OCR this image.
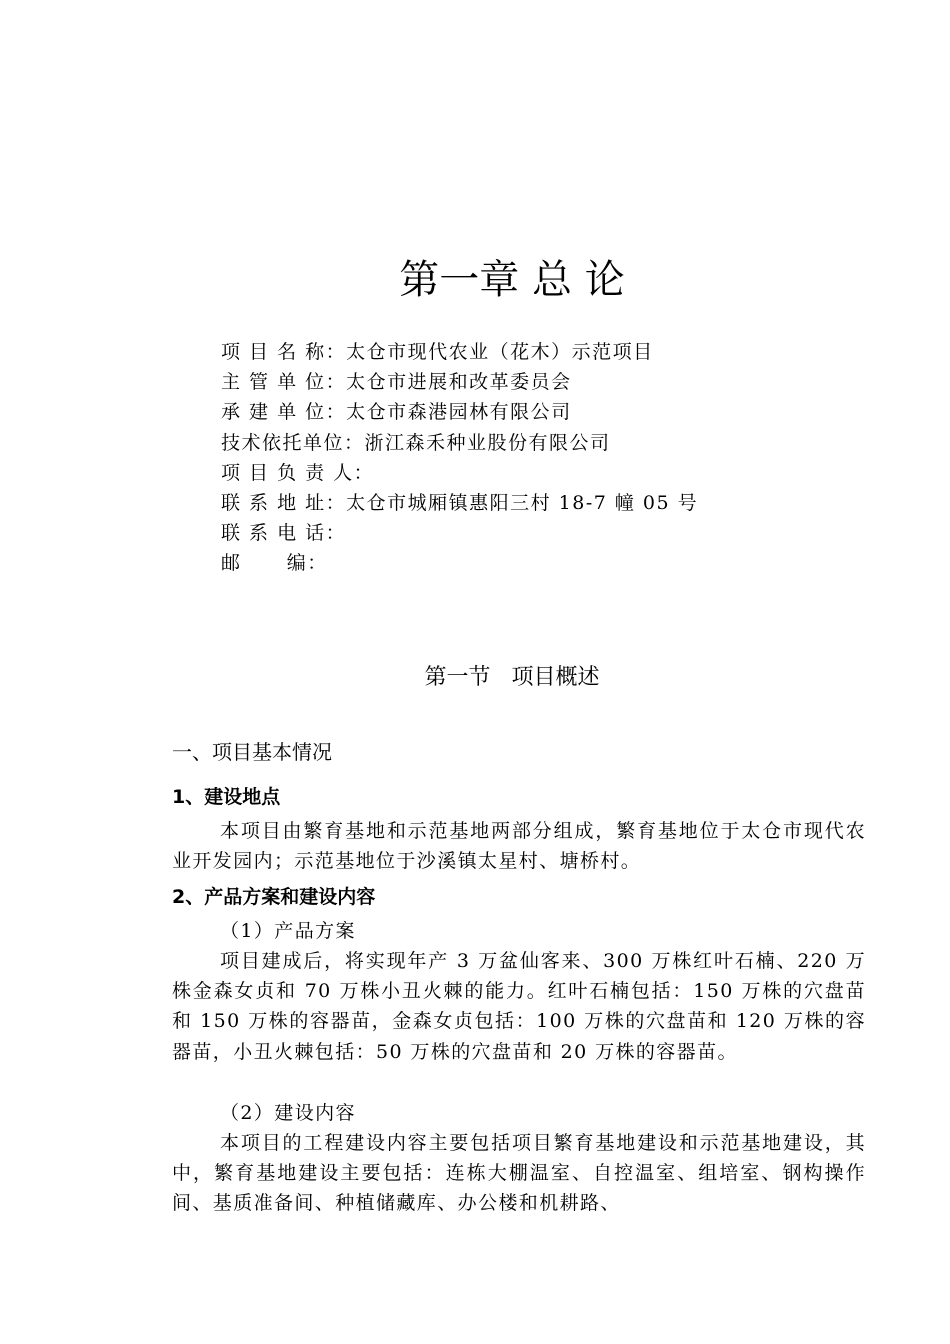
第一章 总 论
项 目 名 称：太仓市现代农业（花木）示范项目
主 管 单 位：太仓市进展和改革委员会
承 建 单 位：太仓市森港园林有限公司
技术依托单位：浙江森禾种业股份有限公司
项 目 负 责 人：
联 系 地 址：太仓市城厢镇惠阳三村 18-7 幢 05 号
联 系 电 话：
邮      编：
第一节   项目概述
一、项目基本情况
1、建设地点

本项目由繁育基地和示范基地两部分组成，繁育基地位于太仓市现代农业开发园内；示范基地位于沙溪镇太星村、塘桥村。

2、产品方案和建设内容
（1）产品方案

项目建成后，将实现年产 3 万盆仙客来、300 万株红叶石楠、220 万株金森女贞和 70 万株小丑火棘的能力。红叶石楠包括：150 万株的穴盘苗和 150 万株的容器苗，金森女贞包括：100 万株的穴盘苗和 120 万株的容器苗，小丑火棘包括：50 万株的穴盘苗和 20 万株的容器苗。

（2）建设内容

本项目的工程建设内容主要包括项目繁育基地建设和示范基地建设，其中，繁育基地建设主要包括：连栋大棚温室、自控温室、组培室、钢构操作间、基质准备间、种植储藏库、办公楼和机耕路、
